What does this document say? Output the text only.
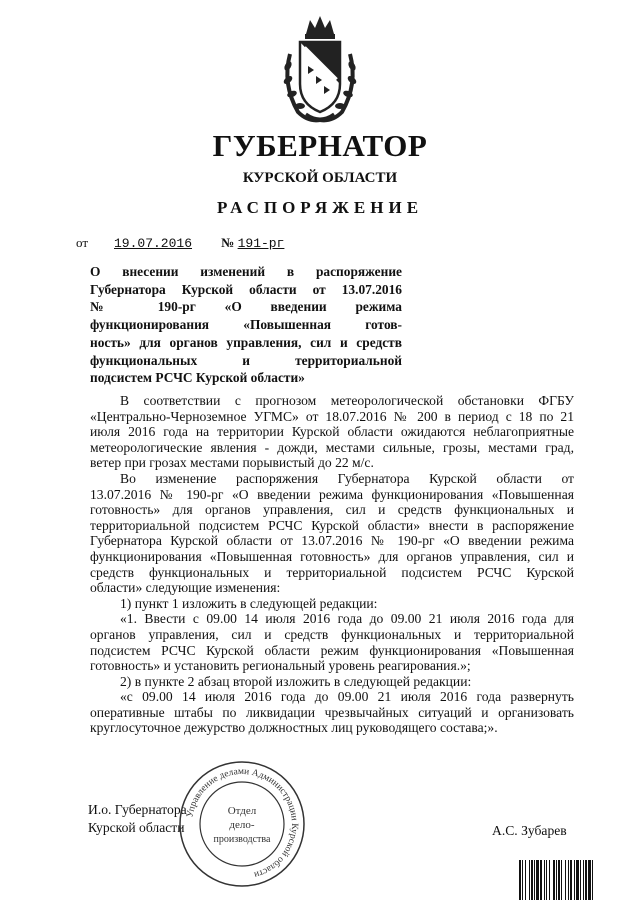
ГУБЕРНАТОР
КУРСКОЙ ОБЛАСТИ
РАСПОРЯЖЕНИЕ
от 19.07.2016 № 191-рг
О внесении изменений в распоряжение
Губернатора Курской области от 13.07.2016
№ 190-рг «О введении режима
функционирования «Повышенная готов-
ность» для органов управления, сил и средств
функциональных и территориальной
подсистем РСЧС Курской области»
В соответствии с прогнозом метеорологической обстановки ФГБУ
«Центрально-Черноземное УГМС» от 18.07.2016 № 200 в период с 18 по 21
июля 2016 года на территории Курской области ожидаются неблагоприятные
метеорологические явления - дожди, местами сильные, грозы, местами град,
ветер при грозах местами порывистый до 22 м/с.
Во изменение распоряжения Губернатора Курской области от
13.07.2016 № 190-рг «О введении режима функционирования «Повышенная
готовность» для органов управления, сил и средств функциональных и
территориальной подсистем РСЧС Курской области» внести в распоряжение
Губернатора Курской области от 13.07.2016 № 190-рг «О введении режима
функционирования «Повышенная готовность» для органов управления, сил и
средств функциональных и территориальной подсистем РСЧС Курской
области» следующие изменения:
1) пункт 1 изложить в следующей редакции:
«1. Ввести с 09.00 14 июля 2016 года до 09.00 21 июля 2016 года для
органов управления, сил и средств функциональных и территориальной
подсистем РСЧС Курской области режим функционирования «Повышенная
готовность» и установить региональный уровень реагирования.»;
2) в пункте 2 абзац второй изложить в следующей редакции:
«с 09.00 14 июля 2016 года до 09.00 21 июля 2016 года развернуть
оперативные штабы по ликвидации чрезвычайных ситуаций и организовать
круглосуточное дежурство должностных лиц руководящего состава;».
И.о. Губернатора
Курской области	А.С. Зубарев
Управление делами Администрации Курской области
Отдел
дело-
производства
